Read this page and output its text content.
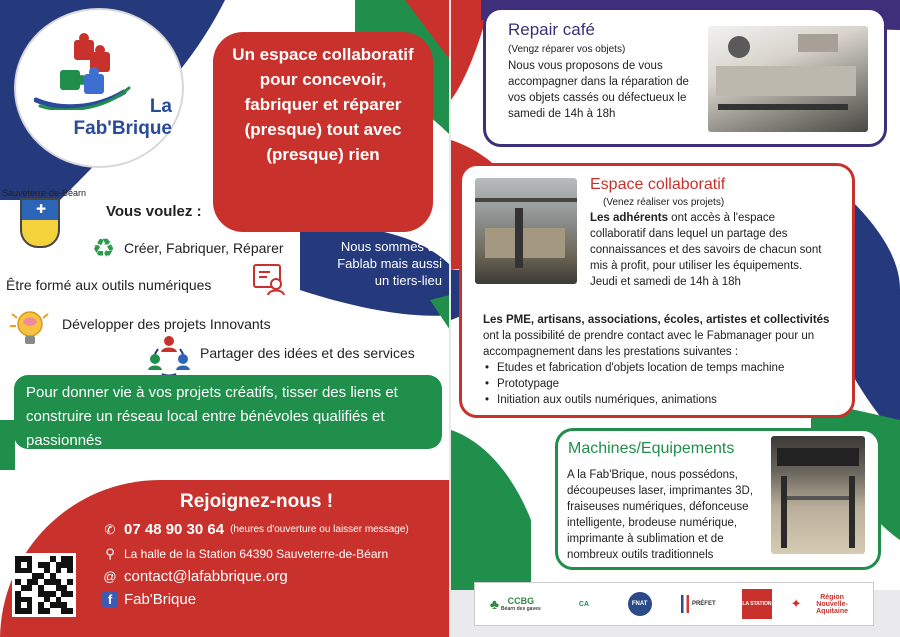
La
Fab'Brique
Un espace collaboratif pour concevoir, fabriquer et réparer (presque) tout avec (presque) rien
Sauveterre-de-Béarn
✚	Vous voulez :
♻ Créer, Fabriquer, Réparer
Être formé aux outils numériques
Développer des projets Innovants
Partager des idées et des services
Nous sommes un Fablab mais aussi un tiers-lieu
Pour donner vie à vos projets créatifs, tisser des liens et construire un réseau local entre bénévoles qualifiés et passionnés
Rejoignez-nous !
✆ 07 48 90 30 64 (heures d'ouverture ou laisser message)
⚲ La halle de la Station 64390 Sauveterre-de-Béarn
@ contact@lafabbrique.org
f Fab'Brique
Repair café
(Vengz réparer vos objets)
Nous vous proposons de vous accompagner dans la réparation de vos objets cassés ou défectueux le samedi de 14h à 18h
Espace collaboratif
(Venez réaliser vos projets)
Les adhérents ont accès à l'espace collaboratif dans lequel un partage des connaissances et des savoirs de chacun sont mis à profit, pour utiliser les équipements.
Jeudi et samedi de 14h à 18h
Les PME, artisans, associations, écoles, artistes et collectivités
ont la possibilité de prendre contact avec le Fabmanager pour un accompagnement dans les prestations suivantes :
• Etudes et fabrication d'objets location de temps machine
• Prototypage
• Initiation aux outils numériques, animations
Machines/Equipements
A la Fab'Brique, nous possédons, découpeuses laser, imprimantes 3D, fraiseuses numériques, défonceuse intelligente, brodeuse numérique, imprimante à sublimation et de nombreux outils traditionnels
♣ CCBG
Béarn des gaves
CA	FNAT	PRÉFET	LA STATION ✦	Région Nouvelle-Aquitaine
